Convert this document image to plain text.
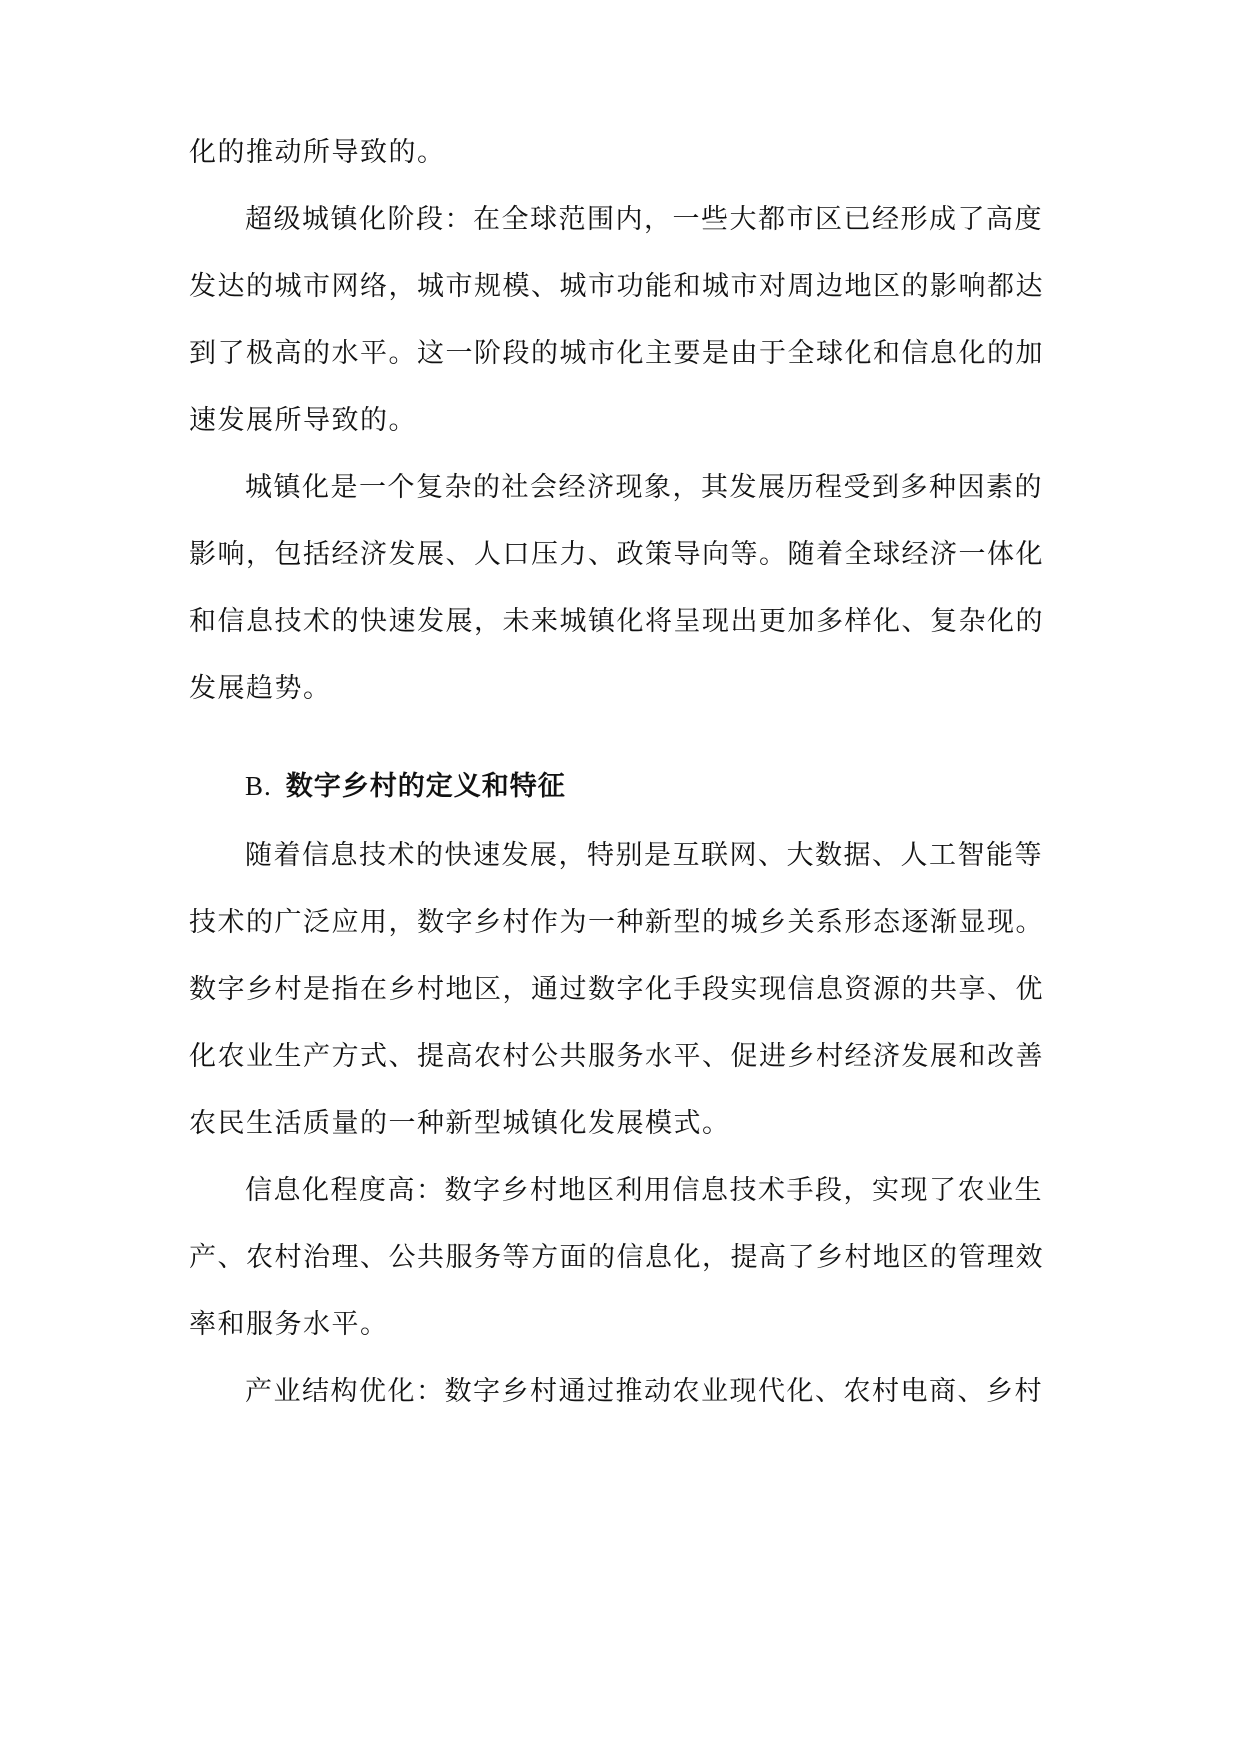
化的推动所导致的。
超级城镇化阶段：在全球范围内，一些大都市区已经形成了高度
发达的城市网络，城市规模、城市功能和城市对周边地区的影响都达
到了极高的水平。这一阶段的城市化主要是由于全球化和信息化的加
速发展所导致的。
城镇化是一个复杂的社会经济现象，其发展历程受到多种因素的
影响，包括经济发展、人口压力、政策导向等。随着全球经济一体化
和信息技术的快速发展，未来城镇化将呈现出更加多样化、复杂化的
发展趋势。
B. 数字乡村的定义和特征
随着信息技术的快速发展，特别是互联网、大数据、人工智能等
技术的广泛应用，数字乡村作为一种新型的城乡关系形态逐渐显现。
数字乡村是指在乡村地区，通过数字化手段实现信息资源的共享、优
化农业生产方式、提高农村公共服务水平、促进乡村经济发展和改善
农民生活质量的一种新型城镇化发展模式。
信息化程度高：数字乡村地区利用信息技术手段，实现了农业生
产、农村治理、公共服务等方面的信息化，提高了乡村地区的管理效
率和服务水平。
产业结构优化：数字乡村通过推动农业现代化、农村电商、乡村
